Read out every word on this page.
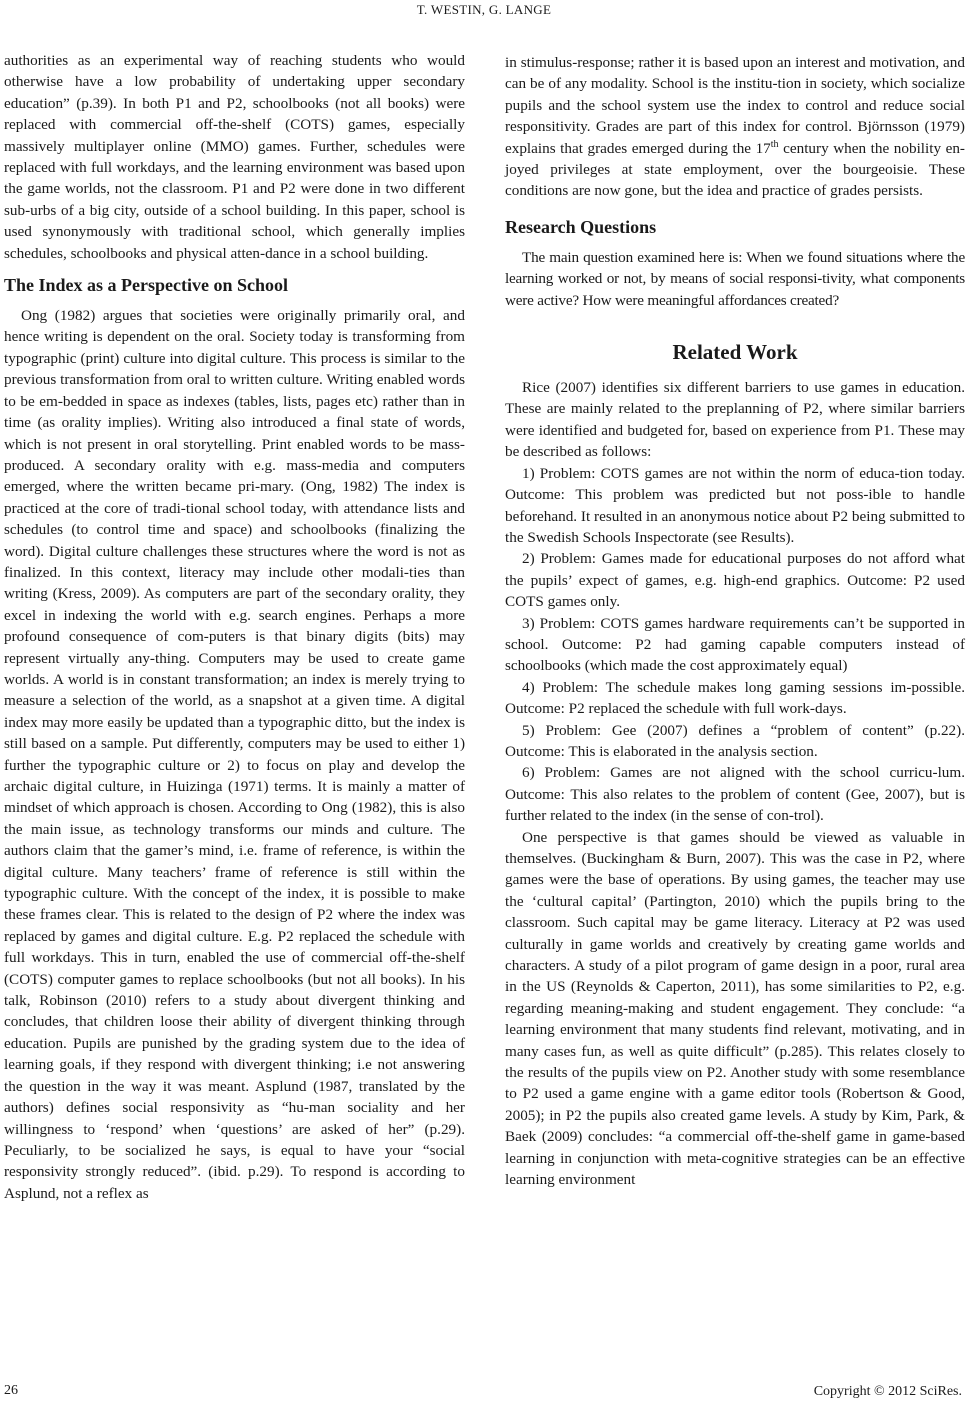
T. WESTIN, G. LANGE

authorities as an experimental way of reaching students who would otherwise have a low probability of undertaking upper secondary education” (p.39). In both P1 and P2, schoolbooks (not all books) were replaced with commercial off-the-shelf (COTS) games, especially massively multiplayer online (MMO) games. Further, schedules were replaced with full workdays, and the learning environment was based upon the game worlds, not the classroom. P1 and P2 were done in two different sub-urbs of a big city, outside of a school building. In this paper, school is used synonymously with traditional school, which generally implies schedules, schoolbooks and physical atten-dance in a school building.

The Index as a Perspective on School

Ong (1982) argues that societies were originally primarily oral, and hence writing is dependent on the oral. Society today is transforming from typographic (print) culture into digital culture. This process is similar to the previous transformation from oral to written culture. Writing enabled words to be em-bedded in space as indexes (tables, lists, pages etc) rather than in time (as orality implies). Writing also introduced a final state of words, which is not present in oral storytelling. Print enabled words to be mass-produced. A secondary orality with e.g. mass-media and computers emerged, where the written became pri-mary. (Ong, 1982) The index is practiced at the core of tradi-tional school today, with attendance lists and schedules (to control time and space) and schoolbooks (finalizing the word). Digital culture challenges these structures where the word is not as finalized. In this context, literacy may include other modali-ties than writing (Kress, 2009). As computers are part of the secondary orality, they excel in indexing the world with e.g. search engines. Perhaps a more profound consequence of com-puters is that binary digits (bits) may represent virtually any-thing. Computers may be used to create game worlds. A world is in constant transformation; an index is merely trying to measure a selection of the world, as a snapshot at a given time. A digital index may more easily be updated than a typographic ditto, but the index is still based on a sample. Put differently, computers may be used to either 1) further the typographic culture or 2) to focus on play and develop the archaic digital culture, in Huizinga (1971) terms. It is mainly a matter of mindset of which approach is chosen. According to Ong (1982), this is also the main issue, as technology transforms our minds and culture. The authors claim that the gamer’s mind, i.e. frame of reference, is within the digital culture. Many teachers’ frame of reference is still within the typographic culture. With the concept of the index, it is possible to make these frames clear. This is related to the design of P2 where the index was replaced by games and digital culture. E.g. P2 replaced the schedule with full workdays. This in turn, enabled the use of commercial off-the-shelf (COTS) computer games to replace schoolbooks (but not all books). In his talk, Robinson (2010) refers to a study about divergent thinking and concludes, that children loose their ability of divergent thinking through education. Pupils are punished by the grading system due to the idea of learning goals, if they respond with divergent thinking; i.e not answering the question in the way it was meant. Asplund (1987, translated by the authors) defines social responsivity as “hu-man sociality and her willingness to ‘respond’ when ‘questions’ are asked of her” (p.29). Peculiarly, to be socialized he says, is equal to have your “social responsivity strongly reduced”. (ibid. p.29). To respond is according to Asplund, not a reflex as

in stimulus-response; rather it is based upon an interest and motivation, and can be of any modality. School is the institu-tion in society, which socialize pupils and the school system use the index to control and reduce social responsitivity. Grades are part of this index for control. Björnsson (1979) explains that grades emerged during the 17th century when the nobility en-joyed privileges at state employment, over the bourgeoisie. These conditions are now gone, but the idea and practice of grades persists.

Research Questions

The main question examined here is: When we found situations where the learning worked or not, by means of social responsi-tivity, what components were active? How were meaningful affordances created?

Related Work

Rice (2007) identifies six different barriers to use games in education. These are mainly related to the preplanning of P2, where similar barriers were identified and budgeted for, based on experience from P1. These may be described as follows:

1) Problem: COTS games are not within the norm of educa-tion today. Outcome: This problem was predicted but not poss-ible to handle beforehand. It resulted in an anonymous notice about P2 being submitted to the Swedish Schools Inspectorate (see Results).

2) Problem: Games made for educational purposes do not afford what the pupils’ expect of games, e.g. high-end graphics. Outcome: P2 used COTS games only.

3) Problem: COTS games hardware requirements can’t be supported in school. Outcome: P2 had gaming capable computers instead of schoolbooks (which made the cost approximately equal)

4) Problem: The schedule makes long gaming sessions im-possible. Outcome: P2 replaced the schedule with full work-days.

5) Problem: Gee (2007) defines a “problem of content” (p.22). Outcome: This is elaborated in the analysis section.

6) Problem: Games are not aligned with the school curricu-lum. Outcome: This also relates to the problem of content (Gee, 2007), but is further related to the index (in the sense of con-trol).

One perspective is that games should be viewed as valuable in themselves. (Buckingham & Burn, 2007). This was the case in P2, where games were the base of operations. By using games, the teacher may use the ‘cultural capital’ (Partington, 2010) which the pupils bring to the classroom. Such capital may be game literacy. Literacy at P2 was used culturally in game worlds and creatively by creating game worlds and characters. A study of a pilot program of game design in a poor, rural area in the US (Reynolds & Caperton, 2011), has some similarities to P2, e.g. regarding meaning-making and student engagement. They conclude: “a learning environment that many students find relevant, motivating, and in many cases fun, as well as quite difficult” (p.285). This relates closely to the results of the pupils view on P2. Another study with some resemblance to P2 used a game engine with a game editor tools (Robertson & Good, 2005); in P2 the pupils also created game levels. A study by Kim, Park, & Baek (2009) concludes: “a commercial off-the-shelf game in game-based learning in conjunction with meta-cognitive strategies can be an effective learning environment

26	Copyright © 2012 SciRes.
